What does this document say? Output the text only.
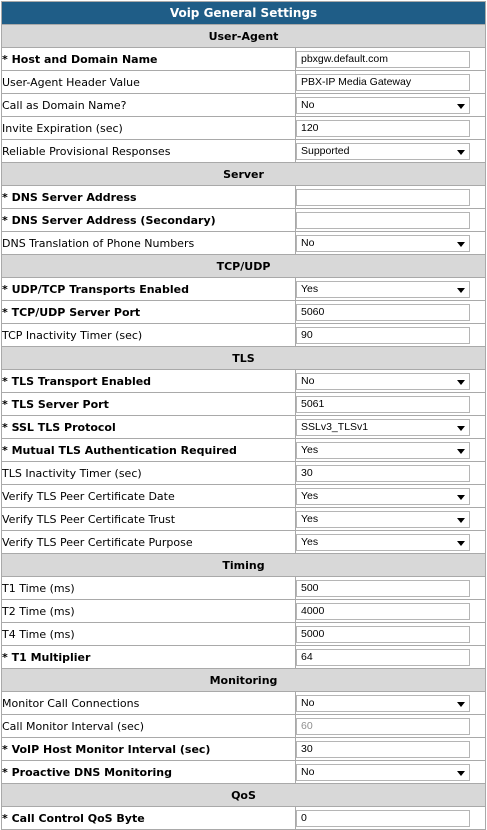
Voip General Settings	
User-Agent	
* Host and Domain Name	pbxgw.default.com

User-Agent Header Value	PBX-IP Media Gateway

Call as Domain Name?	No

Invite Expiration (sec)	120

Reliable Provisional Responses	Supported

Server	
* DNS Server Address	

* DNS Server Address (Secondary)	

DNS Translation of Phone Numbers	No

TCP/UDP	
* UDP/TCP Transports Enabled	Yes

* TCP/UDP Server Port	5060

TCP Inactivity Timer (sec)	90

TLS	
* TLS Transport Enabled	No

* TLS Server Port	5061

* SSL TLS Protocol	SSLv3_TLSv1

* Mutual TLS Authentication Required	Yes

TLS Inactivity Timer (sec)	30

Verify TLS Peer Certificate Date	Yes

Verify TLS Peer Certificate Trust	Yes

Verify TLS Peer Certificate Purpose	Yes

Timing	
T1 Time (ms)	500

T2 Time (ms)	4000

T4 Time (ms)	5000

* T1 Multiplier	64

Monitoring	
Monitor Call Connections	No

Call Monitor Interval (sec)	60

* VoIP Host Monitor Interval (sec)	30

* Proactive DNS Monitoring	No

QoS	
* Call Control QoS Byte	0
